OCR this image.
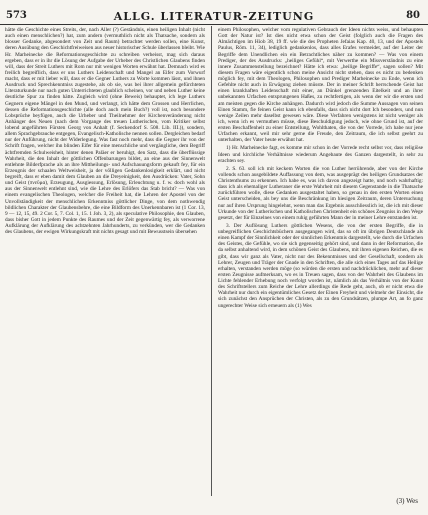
573	ALLG. LITERATUR-ZEITUNG	80

hätte die Geschichte eines Streits, der, nach Aller (?) Geständnis, einen heiligen Inhalt (nicht auch einen menschlichen?) hat, zum andern (vermuthlich nicht als Thatsache, sondern als blosser Gedanke, abgesondert von Zeit und Raum) betrachtet werden sollen, eine Kunst, deren Ausübung den Geschichtfreiweisen aus neuer historischer Schule überlassen bleibt. Wie Hr. Marheinecke die Reformationsgeschichte zu schreiben verheisst, mag sich daraus ergeben, dass er in ihr die Lösung der Aufgabe der Urheber des Christlichen Glaubens finden will, dass der Streit Luthers mit Rom nur mit wenigen Worten erwähnt hat. Demnach wird es freilich begreiflich, dass er uns Luthers Leidenschaft und Mangel an Eifer zum Vorwurf macht, dass er mit lieber will, dass er die Gegner Luthers zu Worte kommen lässt, und ihnen Ausdruck und Sprechkenntniss zugestehe, als ob sie, was bei ihrer allgemein gefürchteten Literaturkunde nur nach guten Unterrichteten glaublich scheinen, vor und neben Luther keine deutliche Spur zu finden hätte. Zugleich wird (ohne Beweis) behauptet, ich lege Luthers Gegnern eigene Mängel in den Mund, und verlangt, ich hätte dem Grossen und Herrlichen, dessen die Reformationsgeschichte (alle doch auch mein Buch?) voll ist, noch besondere Lobsprüche beyfügen, auch die Urheber und Theilnehmer der Kirchenveränderung nicht Anhänger des Neuen (nach dem Vorgange des treuen Lutherischen, vom Kritiker selbst lobend angeführten Fürsten Georg von Anhalt (f. Seckendorf S. 508. Lib. III.)), sondern, allem Sprachgebrauche entgegen, Evangelisch-Katholische nennen sollen. Dergleichen bedarf nur der Anführung, nicht der Widerlegung. Was fast noch mehr, dass die Gegner ihr von der Schrift fragen, welcher ihn blinden Eifer für eine menschliche und vergängliche, dem Begriff ächtfremden Schulweisheit, hinter denen Paläer er beruhigt, den Satz, dass die überflüssige Wahrheit, die den Inhalt der göttlichen Offenbarungen bildet, an eine aus der Sinnenwelt entlehnte Bilderfprache als an ihre Mittheilungs- und Aufschauungsform gekauft fey, für ein Erzeugnis der schaalen Weltweisheit, ja der völligen Gedankenlosigkeit erklärt, und nicht begreift, dass er eben damit dem Glauben an die Dreyeinigkeit, den Ausdrücken: Vater, Sohn und Geist (πνεῦμα), Erzeugung, Ausgiessung, Erlösung, Erleuchtung u. f. w. doch wohl als aus der Sinnenwelt entlehnt sind, wie die Lehre des Erlöfers das Stab bricht? — Was von einem evangelischen Theologen, welcher die Freiheit hat, die Lehren der Apostel von der Unvollständigkeit der menschlichen Erkenntniss göttlicher Dinge, von dem nothwendig bildlichen Charakter der Glaubensbehre, die eine Bildform des Unerkennbaren ist (1 Cor. 13, 9 — 12, 15, 49. 2 Cor. 5, 7. Col. 1, 15. 1 Joh. 3, 2), als speculative Philosophie, den Glauben, dass bisher Gott in jedem Punkte des Raumes und der Zeit gegenwärtig fey, als verworrene Aufklärung der Aufklärung des achtzehnten Jahrhunderts, zu verkünden, wer die Gedanken des Glaubens, der ewigen Wirkungskraft mit nichts gesagt und mit Bewusstsein übersehen

einem Philosophen, welcher vom regulativen Gebrauch der Ideen nichts weiss, und behaupten Gott der Natur ist? Ist dies nicht etwa schon der Geist (folglich auch die Fragen des Almächtigen im Hiob 38, 19 ff. wie die des Propheten Jefaias Kap. 40, 13, und der Apostels Paulus, Röm. 11, 34), lediglich gedankenlos, dass alles Erafes vermeidet, auf der Leiter der Begriffe dem Unendlichen ein ein Betrachtliches näher zu kommen? — Was von einem Prediger, der des Ausdrucks: „heiliges Gefühl“, mit Verwerthe ein Missverständnis zu eine innere Zusammenstellung bezeichnet? Hätte ich etwa: „heilige Begriffe“, sagen sollen? Mit diesem Fragen wäre eigentlich schon meine Ansicht nicht stehen, dass es nicht zu bedenken möglich fey, mit dem Theologen, Philosophen und Prediger Marheinecke zu Ende, wenn ich Gefehlte nicht auch in Erwägung ziehen müsste. Der in meiner Schrift herrschende Geist hat einen krankhaften Leidenschaft mit einer, an Dünkel grenzenden Eitelkeit und an ihrer unbekannten Urfachen entsprungenen Haßes, zu rechtfertigen, als wenn der wir die ersten und am meisten gegen die Kirche anhängen. Dadurch wird jedoch die Summe Aussagen von seinen Einen Stamm, fie feinen Geist kann ich ebenfalls, dass sich nicht dort Ich besonders, und nun wenige Zeilen mehr daselbst gewesen wäre. Diese Verfahren wenigstens ist nicht weniger als ich, wenn ich es vermuthen müsse, diese Beschuldigung jedoch, wie ohne Grund ist, auf der ersten Beschaffenheit zu einer Entstellung, Wohlthaten, die von der Vorrede, ich habe nur jene Urfachen erkannt, weil mir sehr gerne die Freude, den Zeitraum, die ich selbst geehrt zu unterhalten, der Vater heute erwähnt hat.

1) Hr. Marheinecke fagt, es komme mir schon in der Vorrede recht selbst vor, dass religiöse Ideen und kirchliche Verhältnisse wiederum Angebaute des Ganzen dargestellt, in sehr zu erachten sey.

2. S. 63. soll ich mit keckem Worten die von Luther herrührende, aber von der Kirche vollends schon ausgebildete Auffassung von dem, was ausgeprägt des heiligen Grundsatzes der Christenthums zu erkennen. Ich habe es, was ich davon angezeigt hatte, und noch wahrhaftig: dass ich als ehemaliger Lutheraner die erste Wahrheit mit diesem Gegenstande in die Thatsache zurückführen wolle, diese Gedanken ausgestaltet haben, so genau in den ersten Worten einen Geist unterscheiden, als bey uns die Beschränkung im hiesigen Zeitraum, deren Untersuchung nur auf ihren Ursprung hingelehnt, wenn man das Ergebnis ausschliesslich ist, die ich mit dieser Urkunde von der Lutherischen und Katholischen Christenheit ein schönes Zeugniss in den Wege gesetzt, der für Einzelnes von einem ruhig geführten Mann der in meiner Lehre entstanden ist.

3. Der Auflösung Luthers göttlichen Wesens, die von der ersten Begriffe, die in unbegreiflichen Geschichtsbüchern ausgegangen wird, das so oft im übrigen Deutschlande als einen Kampf der Sinnlichkeit oder der sinnlichen Erkenntnis dargestellt, wie durch die Urfachen des Geistes, die Gefühle, wo sie sich gegenseitig gehört sind, und dann in der Reformation, die da selbst anhaltend wird, in dem schönen Geist des Glaubens, mit ihren eigenen Reichen, die es gibt, dass wir ganz als Vater, nicht nur des Bekenntnisses und der Gesellschaft, sondern als Lehrer, Zeugen und Träger der Gnade in den Schriften, die alle sich eines Tages auf das Heilige erhalten, verstanden werden möge (so würden die ersten und nachdrücklichen, mehr auf dieser ersten Zeugnisse aufmerksam, wo es in Treuen sagen, dass von der Wahrheit des Glaubens im Lichte fehlender Erhebung noch verfolgt worden ist, nämlich als das Verhältnis von der Kunst des Schriftstellers zum Reiche der Lehre allerdings die Rede geht, auch, ob er nicht etwa die Wahrheit nur durch ein eigentümliches Gesetz der Einen Freyheit und vielmehr der Einsicht, die sich zunächst den Ansprüchen der Christen, als zu den Grundsätzen, plumpe Art, an fo ganz ungerechter Weise sich erneuern als (1) Wes

(3) Wes
